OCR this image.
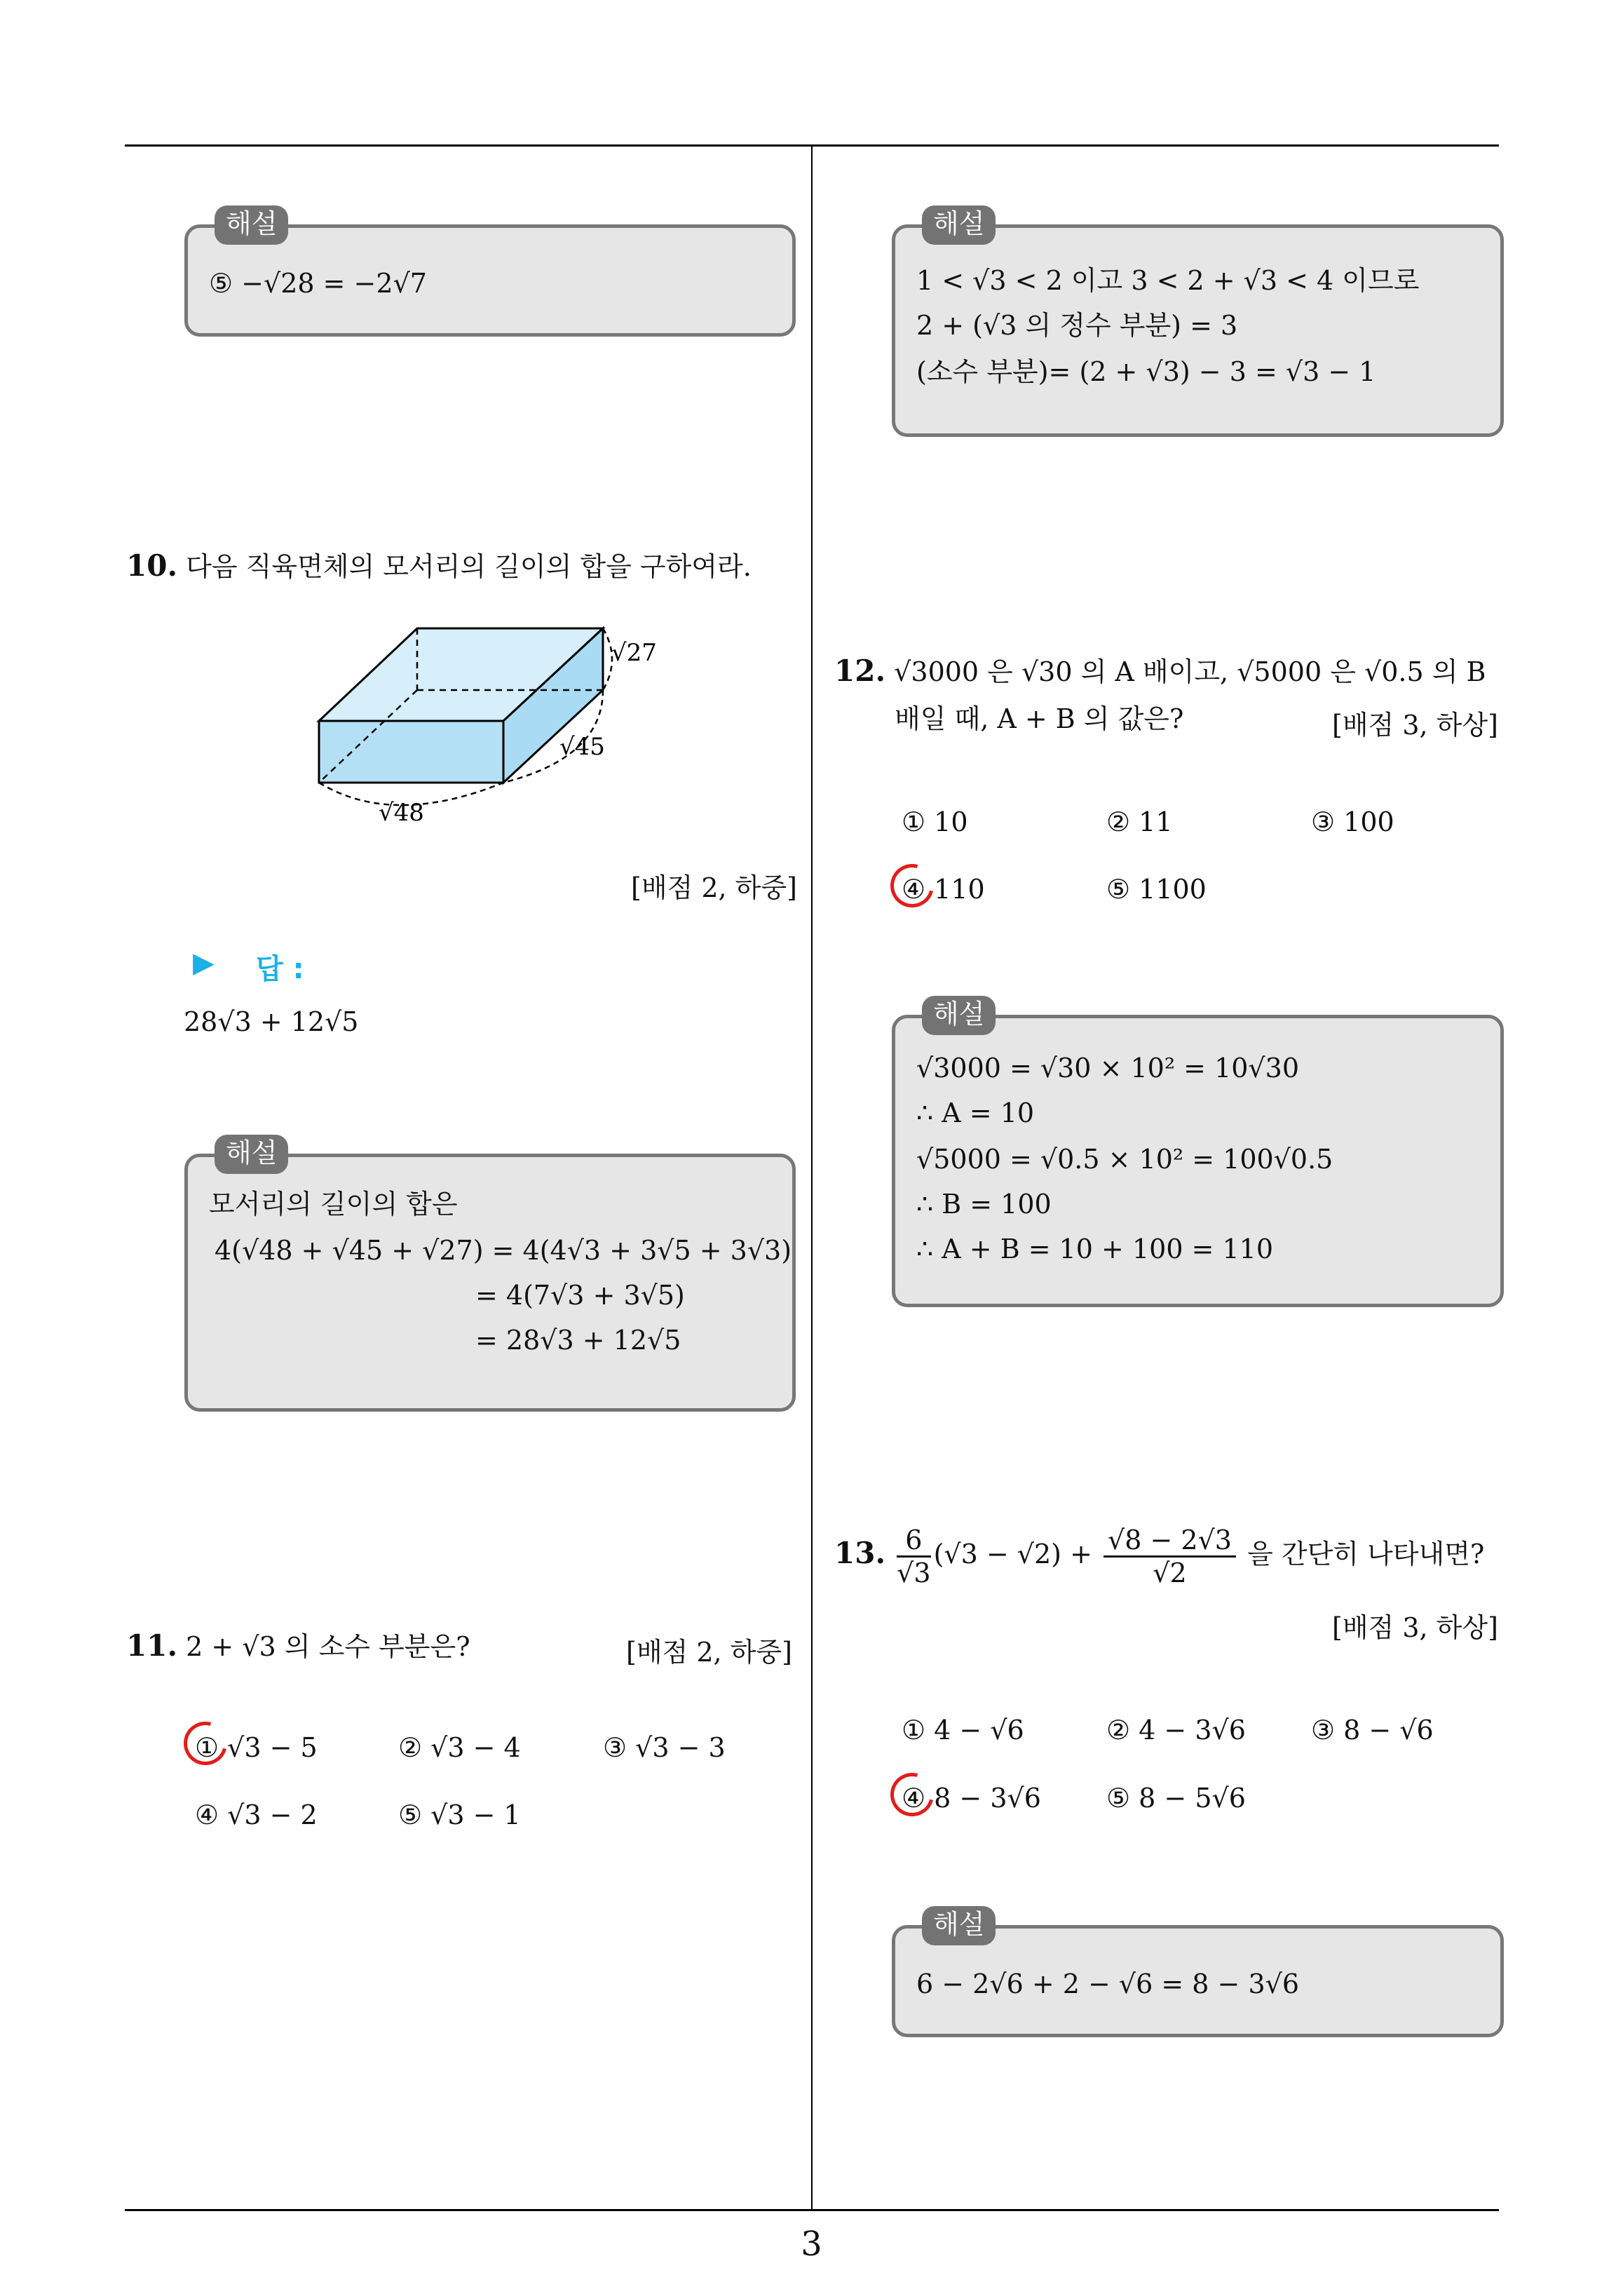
해설
⑤ −√28 = −2√7
10. 다음 직육면체의 모서리의 길이의 합을 구하여라.
√27
√45
√48
[배점 2, 하중]
▶ 답 :
28√3 + 12√5
해설
모서리의 길이의 합은
4(√48 + √45 + √27) = 4(4√3 + 3√5 + 3√3)
= 4(7√3 + 3√5)
= 28√3 + 12√5
11. 2 + √3 의 소수 부분은?	[배점 2, 하중]
① √3 − 5	② √3 − 4	③ √3 − 3
④ √3 − 2	⑤ √3 − 1
해설
1 < √3 < 2 이고 3 < 2 + √3 < 4 이므로
2 + (√3 의 정수 부분) = 3
(소수 부분)= (2 + √3) − 3 = √3 − 1
12. √3000 은 √30 의 A 배이고, √5000 은 √0.5 의 B
배일 때, A + B 의 값은?	[배점 3, 하상]
① 10	② 11	③ 100
④ 110	⑤ 1100
해설
√3000 = √30 × 10² = 10√30
∴ A = 10
√5000 = √0.5 × 10² = 100√0.5
∴ B = 100
∴ A + B = 10 + 100 = 110
13. $\frac{6}{√3} (√3 - √2) + \frac{√8 - 2√3}{√2}$ 을 간단히 나타내면?
[배점 3, 하상]
① 4 − √6	② 4 − 3√6 ③ 8 − √6
④ 8 − 3√6 ⑤ 8 − 5√6
해설
6 − 2√6 + 2 − √6 = 8 − 3√6
3
